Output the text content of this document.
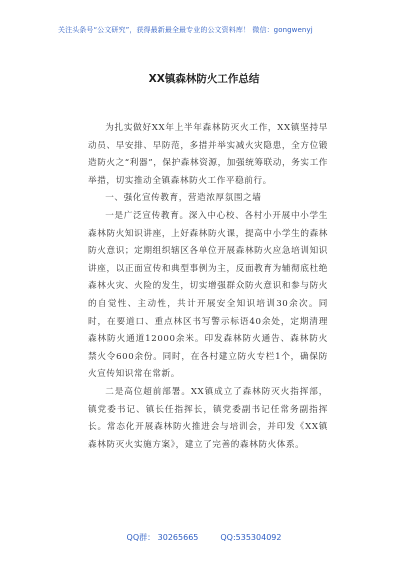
关注头条号“公文研究”，获得最新最全最专业的公文资料库！ 微信：gongwenyj
XX镇森林防火工作总结

为扎实做好XX年上半年森林防灭火工作，XX镇坚持早动员、早安排、早防范，多措并举实减火灾隐患，全方位锻造防火之“利器”，保护森林资源，加强统筹联动，务实工作举措，切实推动全镇森林防火工作平稳前行。

一、强化宣传教育，营造浓厚氛围之墙

一是广泛宣传教育。深入中心校、各村小开展中小学生森林防火知识讲座，上好森林防火课，提高中小学生的森林防火意识；定期组织辖区各单位开展森林防火应急培训知识讲座，以正面宣传和典型事例为主，反面教育为辅彻底杜绝森林火灾、火险的发生，切实增强群众防火意识和参与防火的自觉性、主动性，共计开展安全知识培训30余次。同时，在要道口、重点林区书写警示标语40余处，定期清理森林防火通道12000余米。印发森林防火通告、森林防火禁火令600余份。同时，在各村建立防火专栏1个，确保防火宣传知识常在常新。

二是高位超前部署。XX镇成立了森林防灭火指挥部，镇党委书记、镇长任指挥长，镇党委副书记任常务副指挥长。常态化开展森林防火推进会与培训会，并印发《XX镇森林防灭火实施方案》，建立了完善的森林防火体系。

QQ群： 30265665	QQ:535304092
